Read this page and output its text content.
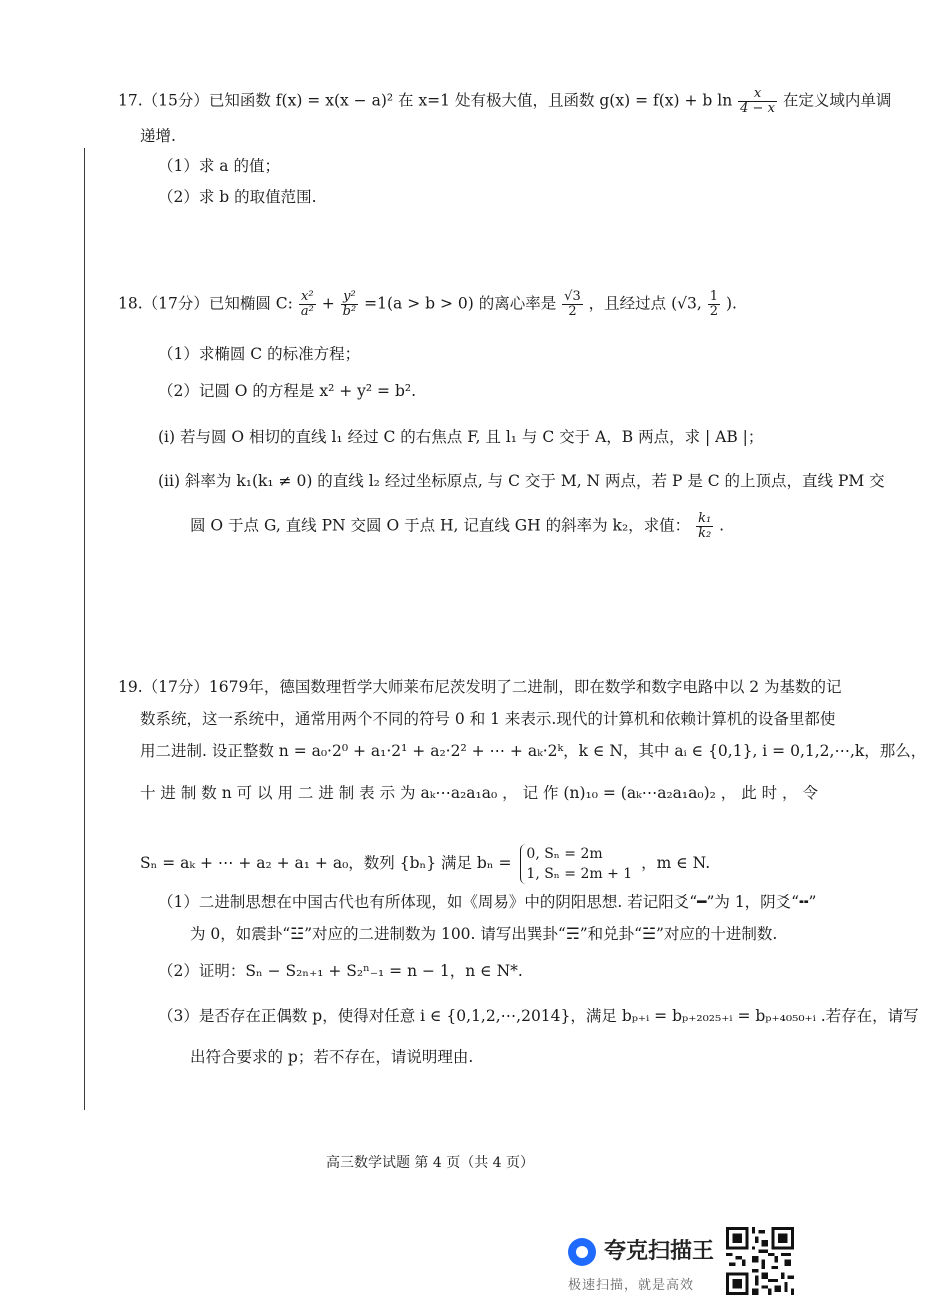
17.（15分）已知函数 f(x) = x(x − a)² 在 x=1 处有极大值，且函数 g(x) = f(x) + b $\ln \frac{x}{4 - x}$ 在定义域内单调
递增.
（1）求 a 的值；
（2）求 b 的取值范围.
18.（17分）已知椭圆 C: $\frac{\text{x²}}{\text{a²}} + \frac{\text{y²}}{\text{b²}} =1(a > b > 0)$ 的离心率是 $\frac{√3}{2}$ ，且经过点 (√3, $\frac{1}{2}$ ).
（1）求椭圆 C 的标准方程；
（2）记圆 O 的方程是 x² + y² = b².
(i) 若与圆 O 相切的直线 l₁ 经过 C 的右焦点 F, 且 l₁ 与 C 交于 A，B 两点，求 | AB |；
(ii) 斜率为 k₁(k₁ ≠ 0) 的直线 l₂ 经过坐标原点, 与 C 交于 M, N 两点，若 P 是 C 的上顶点，直线 PM 交
圆 O 于点 G, 直线 PN 交圆 O 于点 H, 记直线 GH 的斜率为 k₂，求值： $\frac{\text{k₁}}{\text{k₂}}$ .
19.（17分）1679年，德国数理哲学大师莱布尼茨发明了二进制，即在数学和数字电路中以 2 为基数的记
数系统，这一系统中，通常用两个不同的符号 0 和 1 来表示.现代的计算机和依赖计算机的设备里都使
用二进制. 设正整数 n = a₀·2⁰ + a₁·2¹ + a₂·2² + ⋯ + aₖ·2ᵏ，k ∈ N，其中 aᵢ ∈ {0,1}, i = 0,1,2,⋯,k，那么，
十 进 制 数 n 可 以 用 二 进 制 表 示 为 aₖ⋯a₂a₁a₀ ， 记 作 (n)₁₀ = (aₖ⋯a₂a₁a₀)₂ ， 此 时 ， 令
Sₙ = aₖ + ⋯ + a₂ + a₁ + a₀，数列 {bₙ} 满足 bₙ = 0, Sₙ = 2m
1, Sₙ = 2m + 1
，m ∈ N.
（1）二进制思想在中国古代也有所体现，如《周易》中的阴阳思想. 若记阳爻“━”为 1，阴爻“╍”
为 0，如震卦“☳”对应的二进制数为 100. 请写出巽卦“☴”和兑卦“☱”对应的十进制数.
（2）证明：Sₙ − S₂ₙ₊₁ + S₂ⁿ₋₁ = n − 1，n ∈ N*.
（3）是否存在正偶数 p，使得对任意 i ∈ {0,1,2,⋯,2014}，满足 bₚ₊ᵢ = bₚ₊₂₀₂₅₊ᵢ = bₚ₊₄₀₅₀₊ᵢ .若存在，请写
出符合要求的 p；若不存在，请说明理由.
高三数学试题 第 4 页（共 4 页）
夸克扫描王
极速扫描，就是高效
